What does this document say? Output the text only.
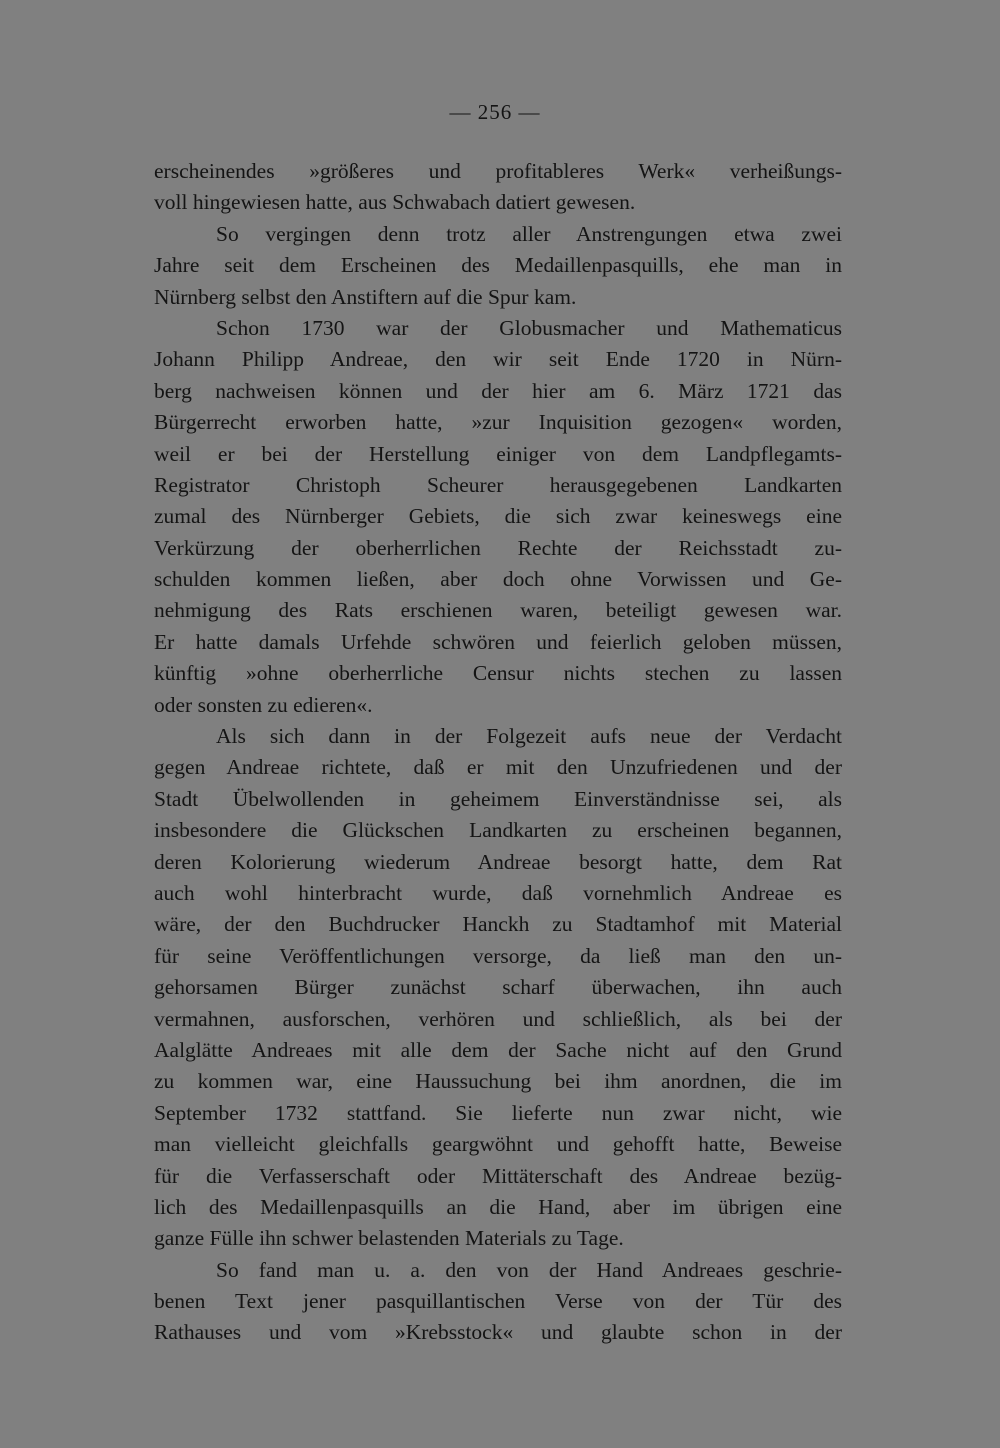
— 256 —
erscheinendes »größeres und profitableres Werk« verheißungs-
voll hingewiesen hatte, aus Schwabach datiert gewesen.
So vergingen denn trotz aller Anstrengungen etwa zwei
Jahre seit dem Erscheinen des Medaillenpasquills, ehe man in
Nürnberg selbst den Anstiftern auf die Spur kam.
Schon 1730 war der Globusmacher und Mathematicus
Johann Philipp Andreae, den wir seit Ende 1720 in Nürn-
berg nachweisen können und der hier am 6. März 1721 das
Bürgerrecht erworben hatte, »zur Inquisition gezogen« worden,
weil er bei der Herstellung einiger von dem Landpflegamts-
Registrator Christoph Scheurer herausgegebenen Landkarten
zumal des Nürnberger Gebiets, die sich zwar keineswegs eine
Verkürzung der oberherrlichen Rechte der Reichsstadt zu-
schulden kommen ließen, aber doch ohne Vorwissen und Ge-
nehmigung des Rats erschienen waren, beteiligt gewesen war.
Er hatte damals Urfehde schwören und feierlich geloben müssen,
künftig »ohne oberherrliche Censur nichts stechen zu lassen
oder sonsten zu edieren«.
Als sich dann in der Folgezeit aufs neue der Verdacht
gegen Andreae richtete, daß er mit den Unzufriedenen und der
Stadt Übelwollenden in geheimem Einverständnisse sei, als
insbesondere die Glückschen Landkarten zu erscheinen begannen,
deren Kolorierung wiederum Andreae besorgt hatte, dem Rat
auch wohl hinterbracht wurde, daß vornehmlich Andreae es
wäre, der den Buchdrucker Hanckh zu Stadtamhof mit Material
für seine Veröffentlichungen versorge, da ließ man den un-
gehorsamen Bürger zunächst scharf überwachen, ihn auch
vermahnen, ausforschen, verhören und schließlich, als bei der
Aalglätte Andreaes mit alle dem der Sache nicht auf den Grund
zu kommen war, eine Haussuchung bei ihm anordnen, die im
September 1732 stattfand. Sie lieferte nun zwar nicht, wie
man vielleicht gleichfalls geargwöhnt und gehofft hatte, Beweise
für die Verfasserschaft oder Mittäterschaft des Andreae bezüg-
lich des Medaillenpasquills an die Hand, aber im übrigen eine
ganze Fülle ihn schwer belastenden Materials zu Tage.
So fand man u. a. den von der Hand Andreaes geschrie-
benen Text jener pasquillantischen Verse von der Tür des
Rathauses und vom »Krebsstock« und glaubte schon in der
